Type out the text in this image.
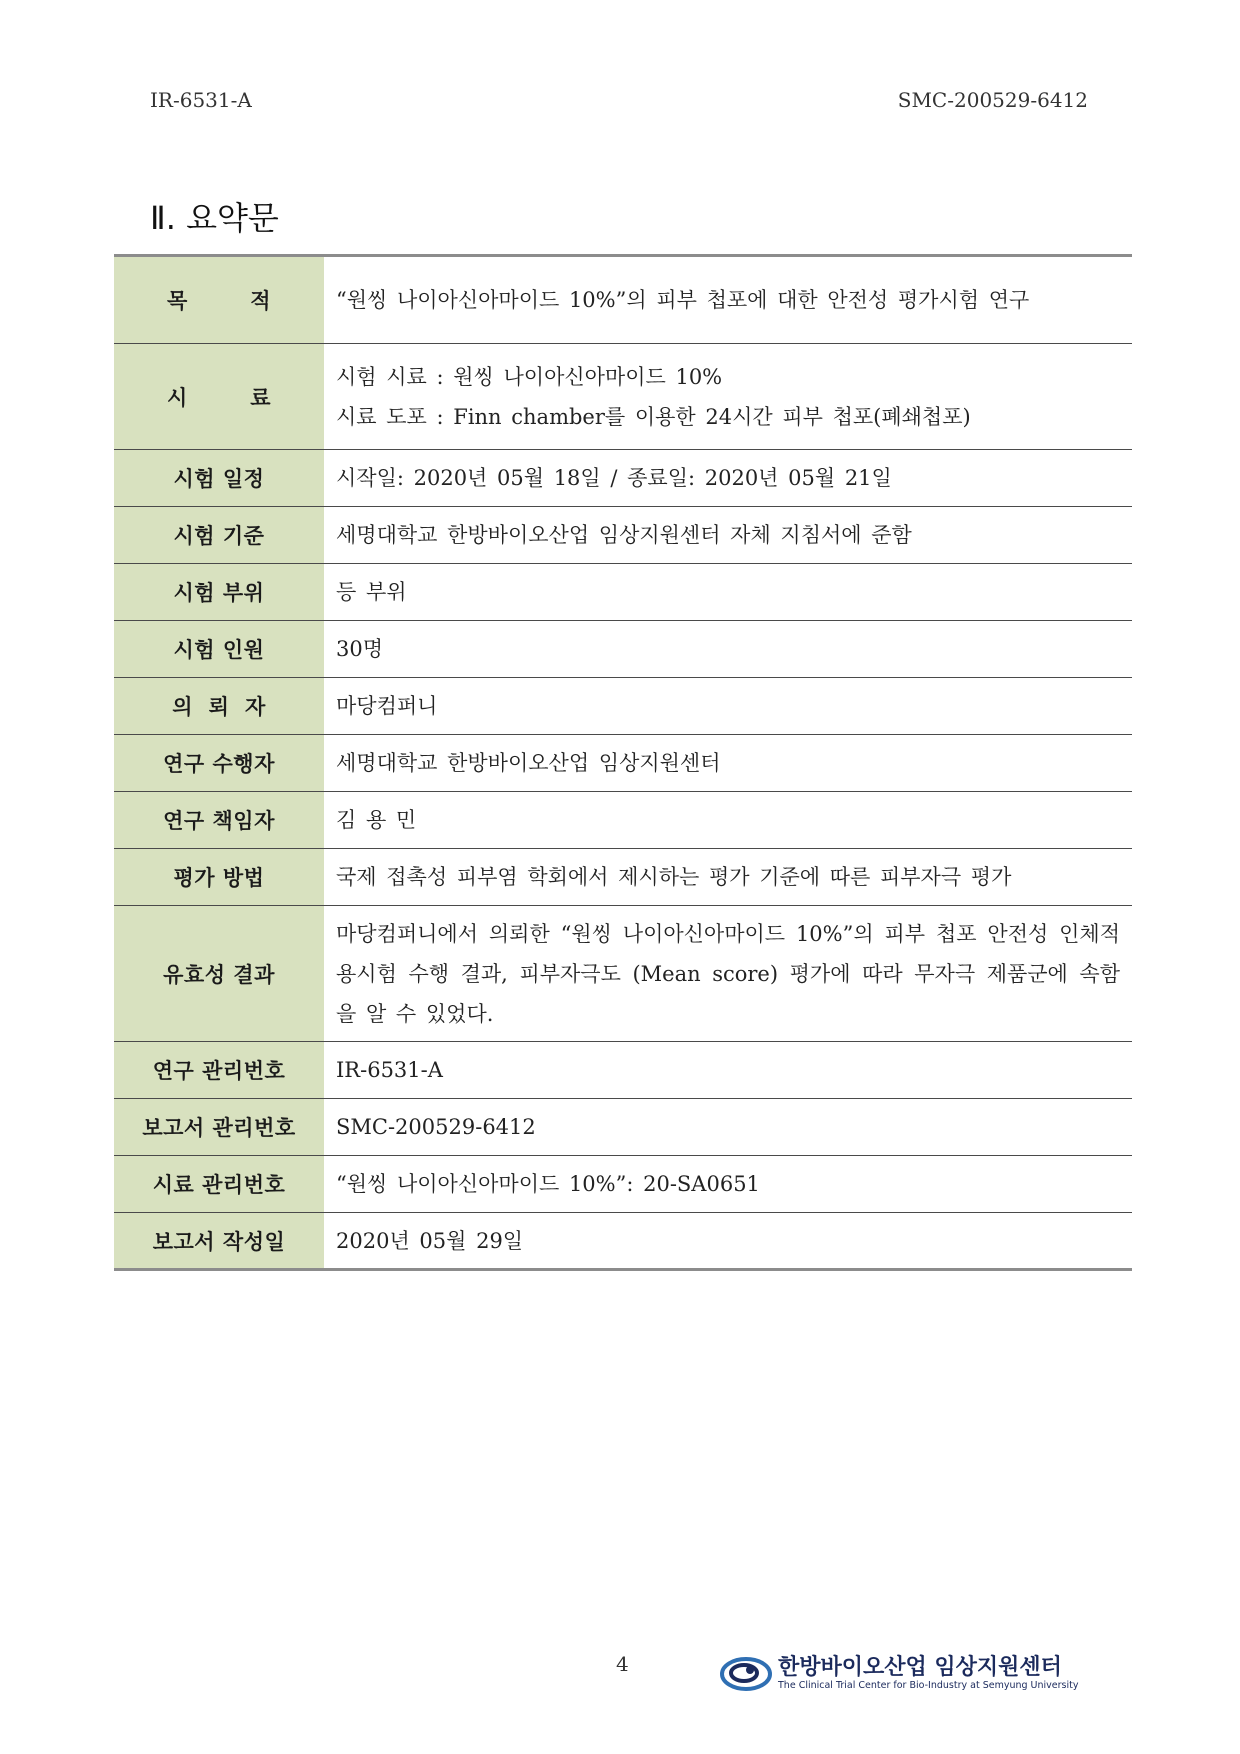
IR-6531-A	SMC-200529-6412
Ⅱ. 요약문
목        적	“원씽 나이아신아마이드 10%”의 피부 첩포에 대한 안전성 평가시험 연구

시        료	시험 시료 : 원씽 나이아신아마이드 10%
시료 도포 : Finn chamber를 이용한 24시간 피부 첩포(폐쇄첩포)

시험 일정	시작일: 2020년 05월 18일 / 종료일: 2020년 05월 21일

시험 기준	세명대학교 한방바이오산업 임상지원센터 자체 지침서에 준함

시험 부위	등 부위

시험 인원	30명

의  뢰  자	마당컴퍼니

연구 수행자	세명대학교 한방바이오산업 임상지원센터

연구 책임자	김 용 민

평가 방법	국제 접촉성 피부염 학회에서 제시하는 평가 기준에 따른 피부자극 평가

유효성 결과	마당컴퍼니에서 의뢰한 “원씽 나이아신아마이드 10%”의 피부 첩포 안전성 인체적용시험 수행 결과, 피부자극도 (Mean score) 평가에 따라 무자극 제품군에 속함을 알 수 있었다.

연구 관리번호	IR-6531-A

보고서 관리번호	SMC-200529-6412

시료 관리번호	“원씽 나이아신아마이드 10%”: 20-SA0651

보고서 작성일	2020년 05월 29일
4	한방바이오산업 임상지원센터
The Clinical Trial Center for Bio-Industry at Semyung University
